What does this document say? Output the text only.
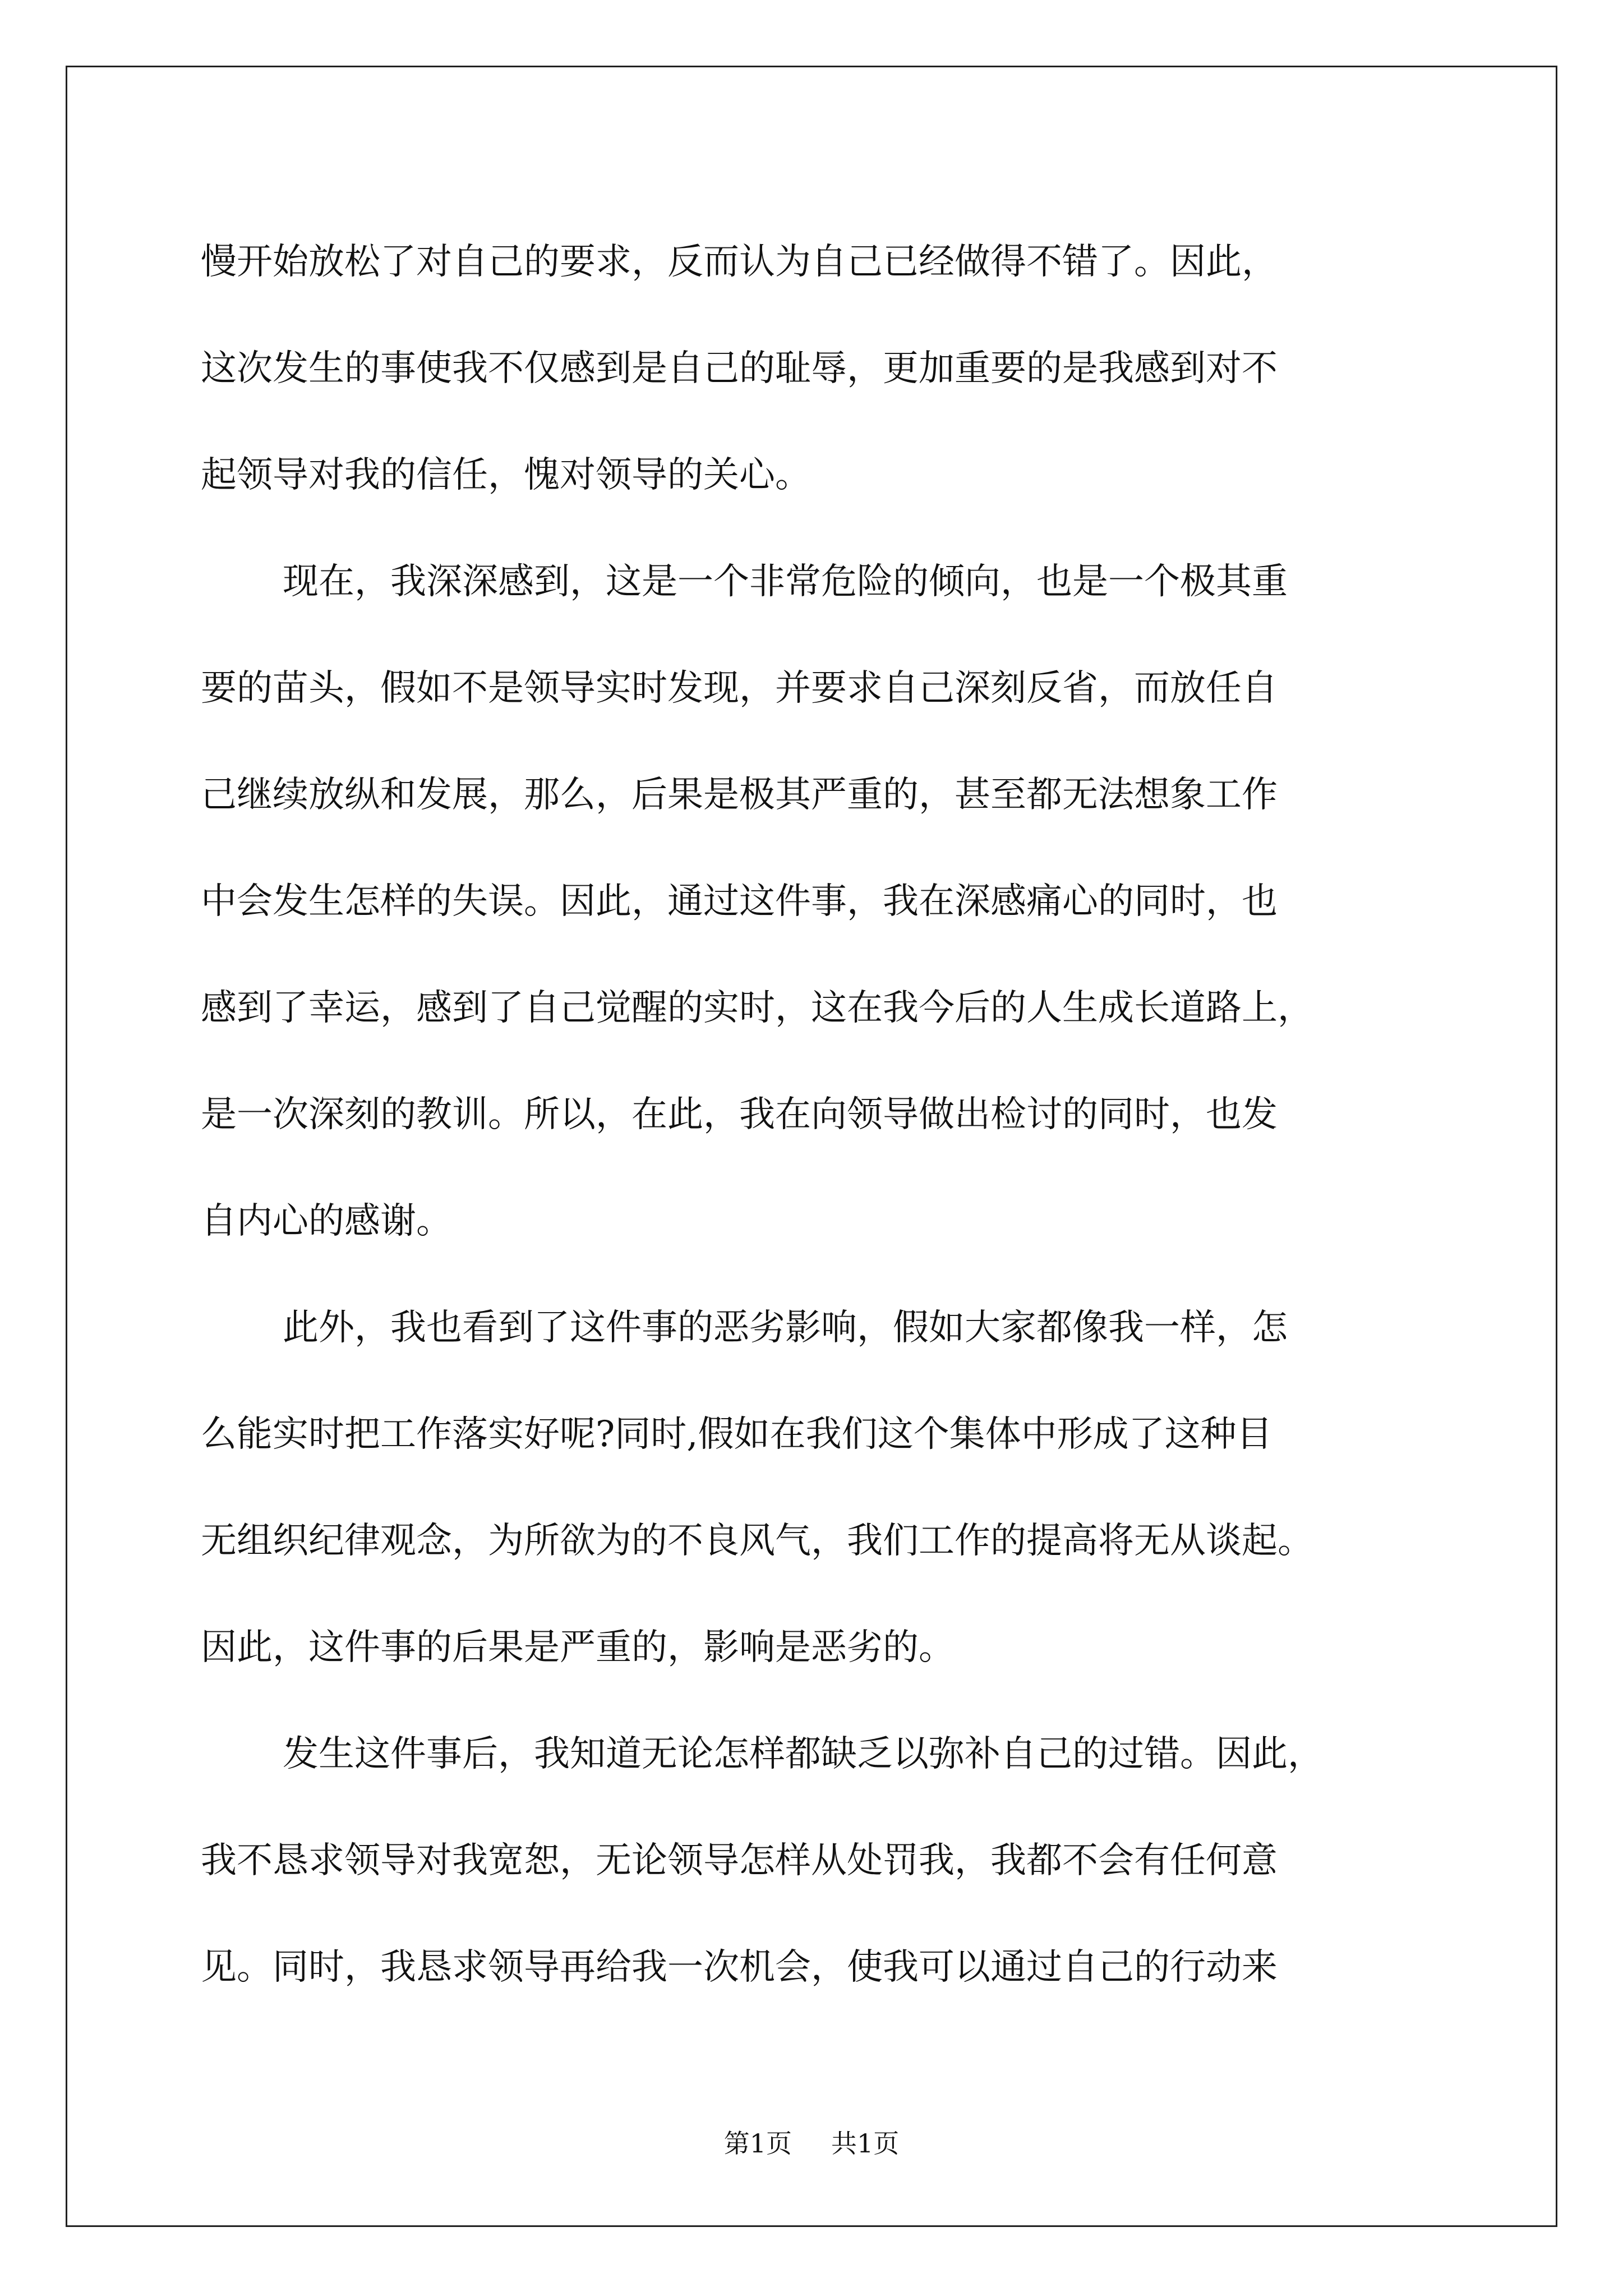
慢开始放松了对自己的要求，反而认为自己已经做得不错了。因此，
这次发生的事使我不仅感到是自己的耻辱，更加重要的是我感到对不
起领导对我的信任，愧对领导的关心。
现在，我深深感到，这是一个非常危险的倾向，也是一个极其重
要的苗头，假如不是领导实时发现，并要求自己深刻反省，而放任自
己继续放纵和发展，那么，后果是极其严重的，甚至都无法想象工作
中会发生怎样的失误。因此，通过这件事，我在深感痛心的同时，也
感到了幸运，感到了自己觉醒的实时，这在我今后的人生成长道路上，
是一次深刻的教训。所以，在此，我在向领导做出检讨的同时，也发
自内心的感谢。
此外，我也看到了这件事的恶劣影响，假如大家都像我一样，怎
么能实时把工作落实好呢?同时,假如在我们这个集体中形成了这种目
无组织纪律观念，为所欲为的不良风气，我们工作的提高将无从谈起。
因此，这件事的后果是严重的，影响是恶劣的。
发生这件事后，我知道无论怎样都缺乏以弥补自己的过错。因此，
我不恳求领导对我宽恕，无论领导怎样从处罚我，我都不会有任何意
见。同时，我恳求领导再给我一次机会，使我可以通过自己的行动来
第1页 共1页
